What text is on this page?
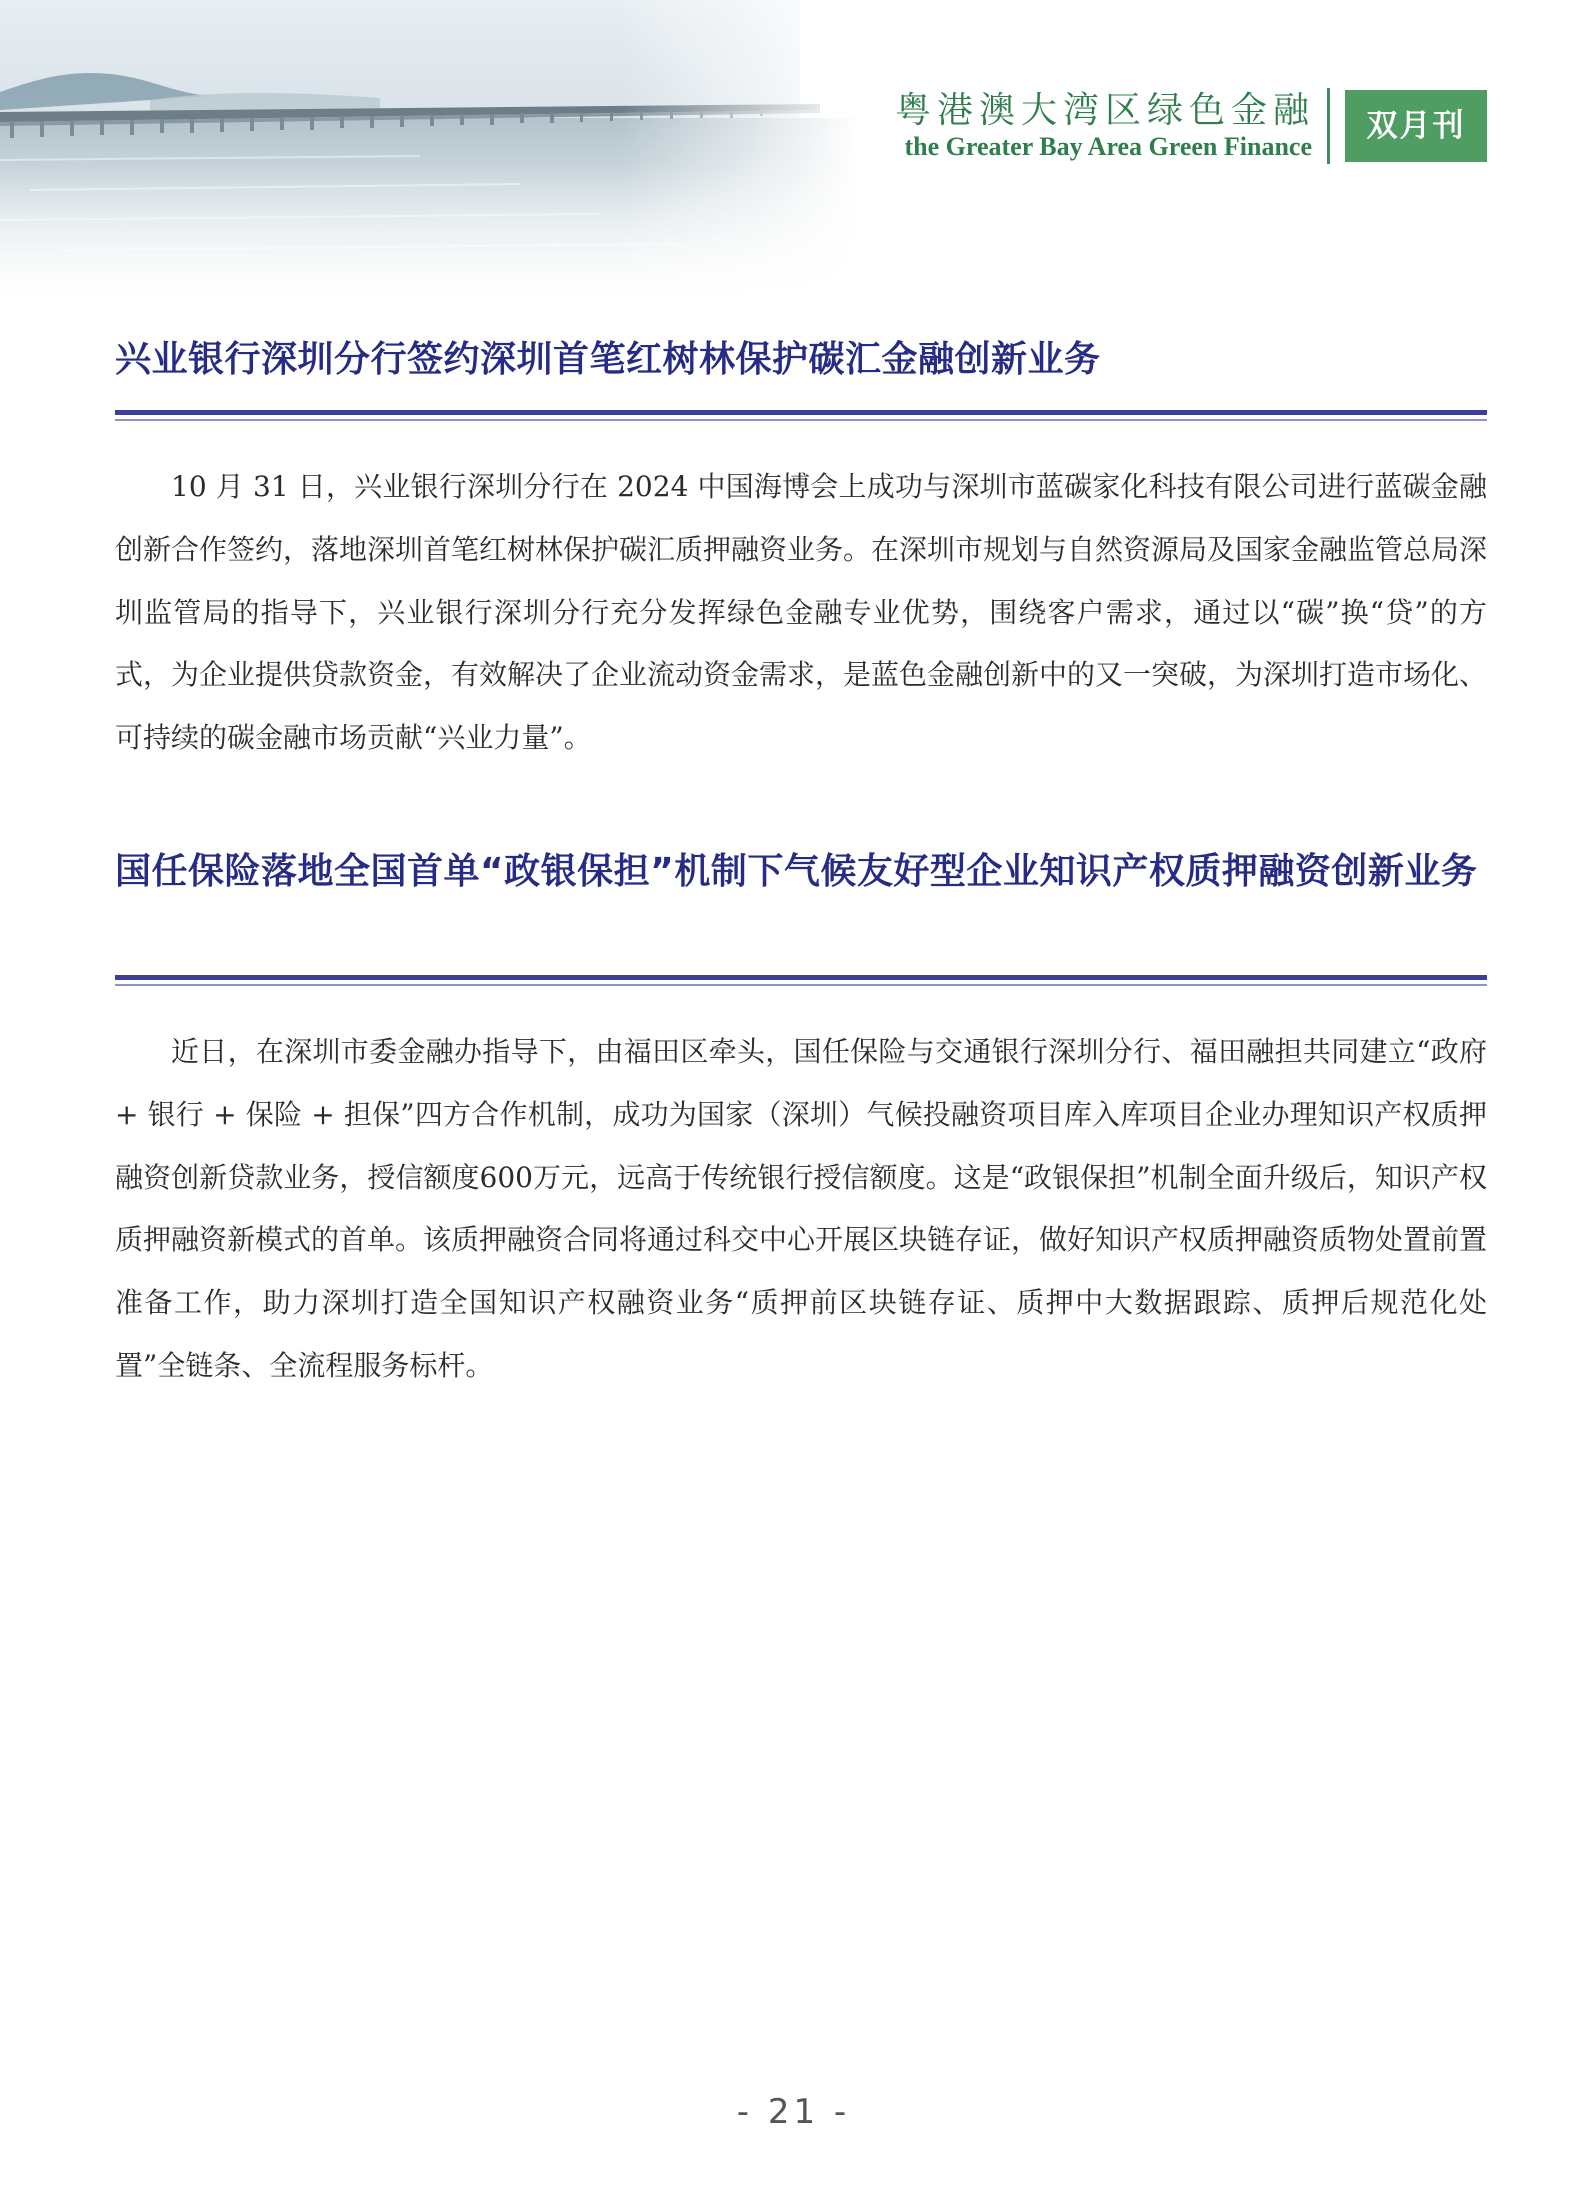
粤港澳大湾区绿色金融
the Greater Bay Area Green Finance
双月刊
兴业银行深圳分行签约深圳首笔红树林保护碳汇金融创新业务

10 月 31 日，兴业银行深圳分行在 2024 中国海博会上成功与深圳市蓝碳家化科技有限公司进行蓝碳金融创新合作签约，落地深圳首笔红树林保护碳汇质押融资业务。在深圳市规划与自然资源局及国家金融监管总局深圳监管局的指导下，兴业银行深圳分行充分发挥绿色金融专业优势，围绕客户需求，通过以“碳”换“贷”的方式，为企业提供贷款资金，有效解决了企业流动资金需求，是蓝色金融创新中的又一突破，为深圳打造市场化、可持续的碳金融市场贡献“兴业力量”。

国任保险落地全国首单“政银保担”机制下气候友好型企业知识产权质押融资创新业务

近日，在深圳市委金融办指导下，由福田区牵头，国任保险与交通银行深圳分行、福田融担共同建立“政府 + 银行 + 保险 + 担保”四方合作机制，成功为国家（深圳）气候投融资项目库入库项目企业办理知识产权质押融资创新贷款业务，授信额度600万元，远高于传统银行授信额度。这是“政银保担”机制全面升级后，知识产权质押融资新模式的首单。该质押融资合同将通过科交中心开展区块链存证，做好知识产权质押融资质物处置前置准备工作，助力深圳打造全国知识产权融资业务“质押前区块链存证、质押中大数据跟踪、质押后规范化处置”全链条、全流程服务标杆。

- 21 -
